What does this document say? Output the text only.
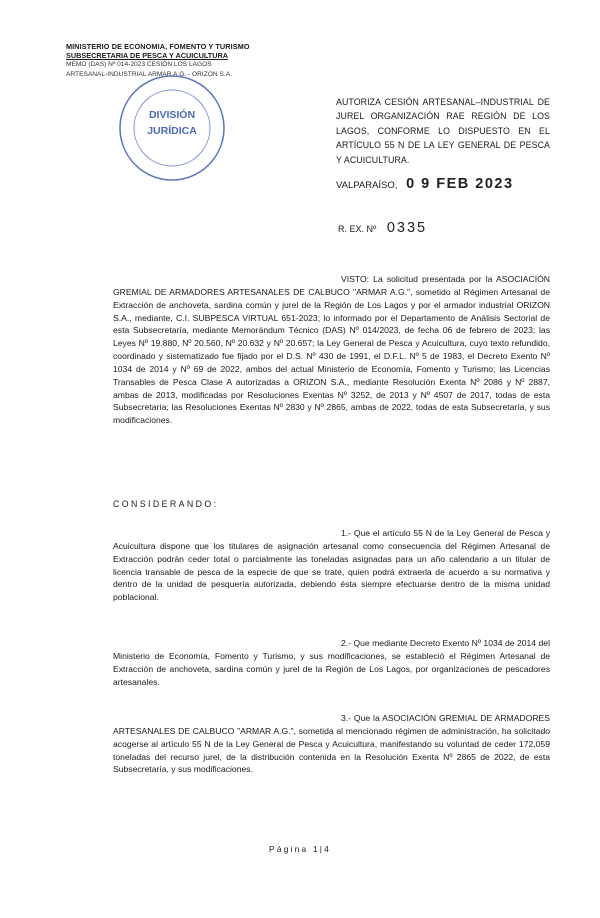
MINISTERIO DE ECONOMIA, FOMENTO Y TURISMO
SUBSECRETARIA DE PESCA Y ACUICULTURA
MEMO (DAS) Nº 014-2023 CESIÓN LOS LAGOS
ARTESANAL-INDUSTRIAL ARMAR A.G. - ORIZON S.A.
DIVISIÓN
JURÍDICA
AUTORIZA CESIÓN ARTESANAL–INDUSTRIAL DE JUREL ORGANIZACIÓN RAE REGIÓN DE LOS LAGOS, CONFORME LO DISPUESTO EN EL ARTÍCULO 55 N DE LA LEY GENERAL DE PESCA Y ACUICULTURA.
VALPARAÍSO, 0 9 FEB 2023
R. EX. Nº 0335
VISTO: La solicitud presentada por la ASOCIACIÓN GREMIAL DE ARMADORES ARTESANALES DE CALBUCO "ARMAR A.G.", sometido al Régimen Artesanal de Extracción de anchoveta, sardina común y jurel de la Región de Los Lagos y por el armador industrial ORIZON S.A., mediante, C.I. SUBPESCA VIRTUAL 651-2023; lo informado por el Departamento de Análisis Sectorial de esta Subsecretaría, mediante Memorándum Técnico (DAS) Nº 014/2023, de fecha 06 de febrero de 2023; las Leyes Nº 19.880, Nº 20.560, Nº 20.632 y Nº 20.657; la Ley General de Pesca y Acuicultura, cuyo texto refundido, coordinado y sistematizado fue fijado por el D.S. Nº 430 de 1991, el D.F.L. Nº 5 de 1983, el Decreto Exento Nº 1034 de 2014 y Nº 69 de 2022, ambos del actual Ministerio de Economía, Fomento y Turismo; las Licencias Transables de Pesca Clase A autorizadas a ORIZON S.A., mediante Resolución Exenta Nº 2086 y Nº 2887, ambas de 2013, modificadas por Resoluciones Exentas Nº 3252, de 2013 y Nº 4507 de 2017, todas de esta Subsecretaría; las Resoluciones Exentas Nº 2830 y Nº 2865, ambas de 2022, todas de esta Subsecretaría, y sus modificaciones.
CONSIDERANDO:
1.- Que el artículo 55 N de la Ley General de Pesca y Acuicultura dispone que los titulares de asignación artesanal como consecuencia del Régimen Artesanal de Extracción podrán ceder total o parcialmente las toneladas asignadas para un año calendario a un titular de licencia transable de pesca de la especie de que se trate, quien podrá extraerla de acuerdo a su normativa y dentro de la unidad de pesquería autorizada, debiendo ésta siempre efectuarse dentro de la misma unidad poblacional.
2.- Que mediante Decreto Exento Nº 1034 de 2014 del Ministerio de Economía, Fomento y Turismo, y sus modificaciones, se estableció el Régimen Artesanal de Extracción de anchoveta, sardina común y jurel de la Región de Los Lagos, por organizaciones de pescadores artesanales.
3.- Que la ASOCIACIÓN GREMIAL DE ARMADORES ARTESANALES DE CALBUCO "ARMAR A.G.", sometida al mencionado régimen de administración, ha solicitado acogerse al artículo 55 N de la Ley General de Pesca y Acuicultura, manifestando su voluntad de ceder 172,059 toneladas del recurso jurel, de la distribución contenida en la Resolución Exenta Nº 2865 de 2022, de esta Subsecretaría, y sus modificaciones.
Página 1|4
